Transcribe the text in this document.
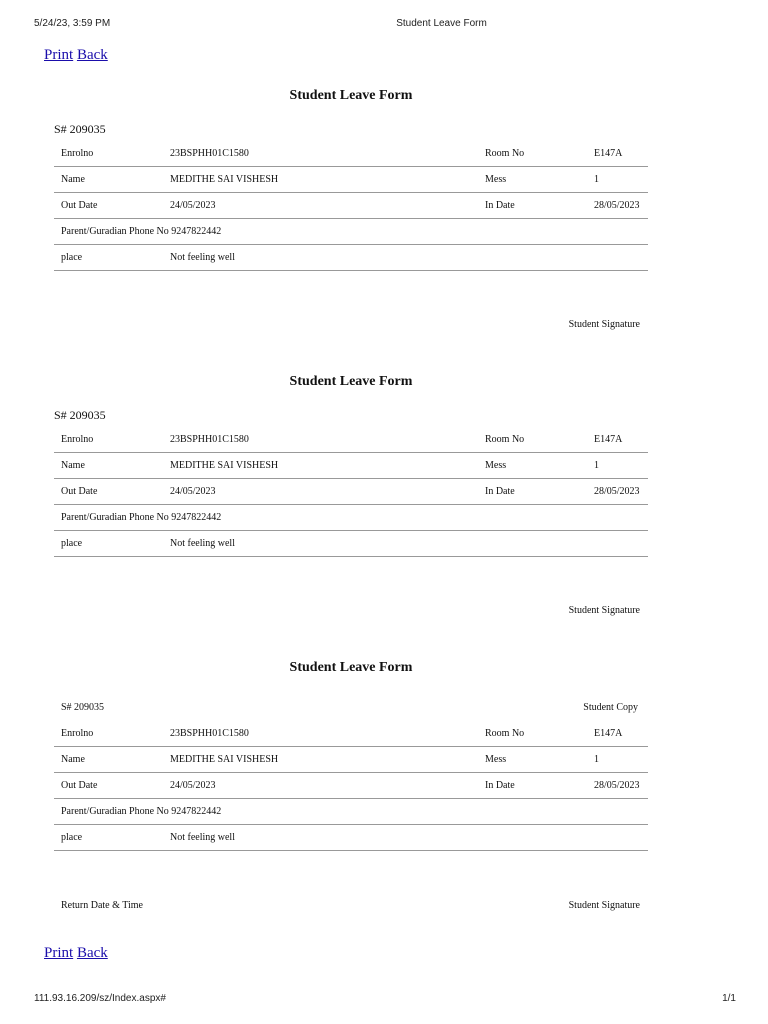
5/24/23, 3:59 PM	Student Leave Form
Print Back
Student Leave Form
S# 209035
Enrolno	23BSPHH01C1580	Room No	E147A
Name	MEDITHE SAI VISHESH	Mess	1
Out Date	24/05/2023	In Date	28/05/2023
Parent/Guradian Phone No 9247822442			
place	Not feeling well		
Student Signature
Student Leave Form
S# 209035
Enrolno	23BSPHH01C1580	Room No	E147A
Name	MEDITHE SAI VISHESH	Mess	1
Out Date	24/05/2023	In Date	28/05/2023
Parent/Guradian Phone No 9247822442			
place	Not feeling well		
Student Signature
Student Leave Form
S# 209035	Student Copy
Enrolno	23BSPHH01C1580	Room No	E147A
Name	MEDITHE SAI VISHESH	Mess	1
Out Date	24/05/2023	In Date	28/05/2023
Parent/Guradian Phone No 9247822442			
place	Not feeling well		
Return Date & Time	Student Signature
Print Back
111.93.16.209/sz/Index.aspx#	1/1
